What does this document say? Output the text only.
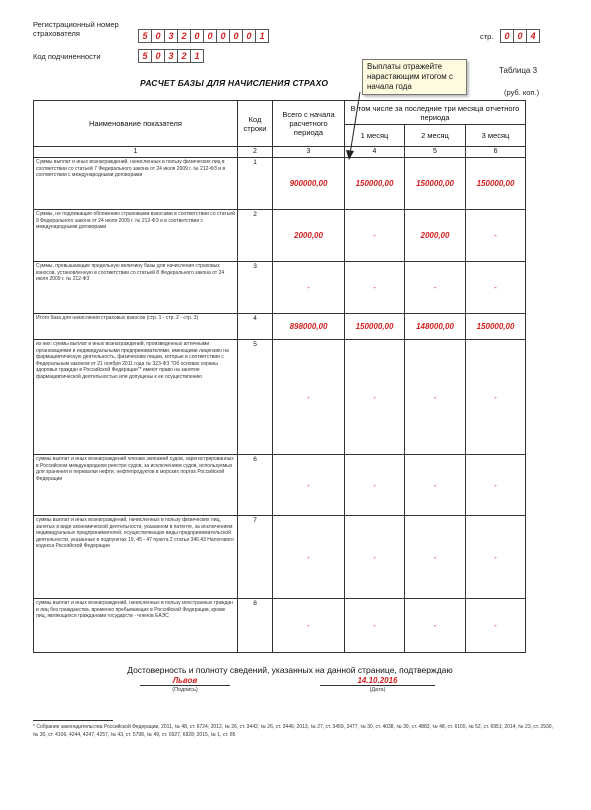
Регистрационный номер
страхователя	5 0 3 2 0 0 0 0 0 1
Код подчиненности	5 0 3 2 1
стр.	0 0 4
РАСЧЕТ БАЗЫ ДЛЯ НАЧИСЛЕНИЯ СТРАХО
Таблица 3
(руб. коп.)
Наименование показателя	Код строки	Всего с начала расчетного периода	В том числе за последние три месяца отчетного периода		
			1 месяц	2 месяц	3 месяц
1	2	3	4	5	6
Суммы выплат и иных вознаграждений, начисленных в пользу физических лиц в соответствии со статьей 7 Федерального закона от 24 июля 2009 г. № 212-ФЗ и в соответствии с международными договорами	1	900000,00	150000,00	150000,00	150000,00
Суммы, не подлежащие обложению страховыми взносами в соответствии со статьей 9 Федерального закона от 24 июля 2009 г. № 212-ФЗ и в соответствии с международными договорами	2	2000,00	-	2000,00	-
Суммы, превышающие предельную величину базы для начисления страховых взносов, установленную в соответствии со статьей 8 Федерального закона от 24 июля 2009 г. № 212-ФЗ	3	-	-	-	-
Итого база для начисления страховых взносов (стр. 1 - стр. 2 - стр. 3)	4	898000,00	150000,00	148000,00	150000,00
из них: суммы выплат и иных вознаграждений, произведенных аптечными организациями и индивидуальными предпринимателями, имеющими лицензию на фармацевтическую деятельность, физическим лицам, которые в соответствии с Федеральным законом от 21 ноября 2011 года № 323-ФЗ "Об основах охраны здоровья граждан в Российской Федерации"* имеют право на занятие фармацевтической деятельностью или допущены к ее осуществлению	5	-	-	-	-
суммы выплат и иных вознаграждений членам экипажей судов, зарегистрированных в Российском международном реестре судов, за исключением судов, используемых для хранения и перевалки нефти, нефтепродуктов в морских портах Российской Федерации	6	-	-	-	-
суммы выплат и иных вознаграждений, начисленных в пользу физических лиц, занятых в виде экономической деятельности, указанном в патенте, за исключением индивидуальных предпринимателей, осуществляющих виды предпринимательской деятельности, указанные в подпунктах 19, 45 - 47 пункта 2 статьи 346.43 Налогового кодекса Российской Федерации	7	-	-	-	-
суммы выплат и иных вознаграждений, начисленных в пользу иностранных граждан и лиц без гражданства, временно пребывающих в Российской Федерации, кроме лиц, являющихся гражданами государств - членов ЕАЭС	8	-	-	-	-
Выплаты отражейте нарастающим итогом с начала года
Достоверность и полноту сведений, указанных на данной странице, подтверждаю
Львов
(Подпись)
14.10.2016
(Дата)
* Собрание законодательства Российской Федерации, 2011, № 48, ст. 6724; 2012, № 26, ст. 3442; № 26, ст. 3446; 2013, № 27, ст. 3459, 3477, № 30, ст. 4038, № 39, ст. 4883, № 48, ст. 6165, № 52, ст. 6951; 2014, № 23, ст. 2930, № 30, ст. 4106, 4244, 4247, 4257, № 43, ст. 5798, № 49, ст. 6927, 6928; 2015, № 1, ст. 85
